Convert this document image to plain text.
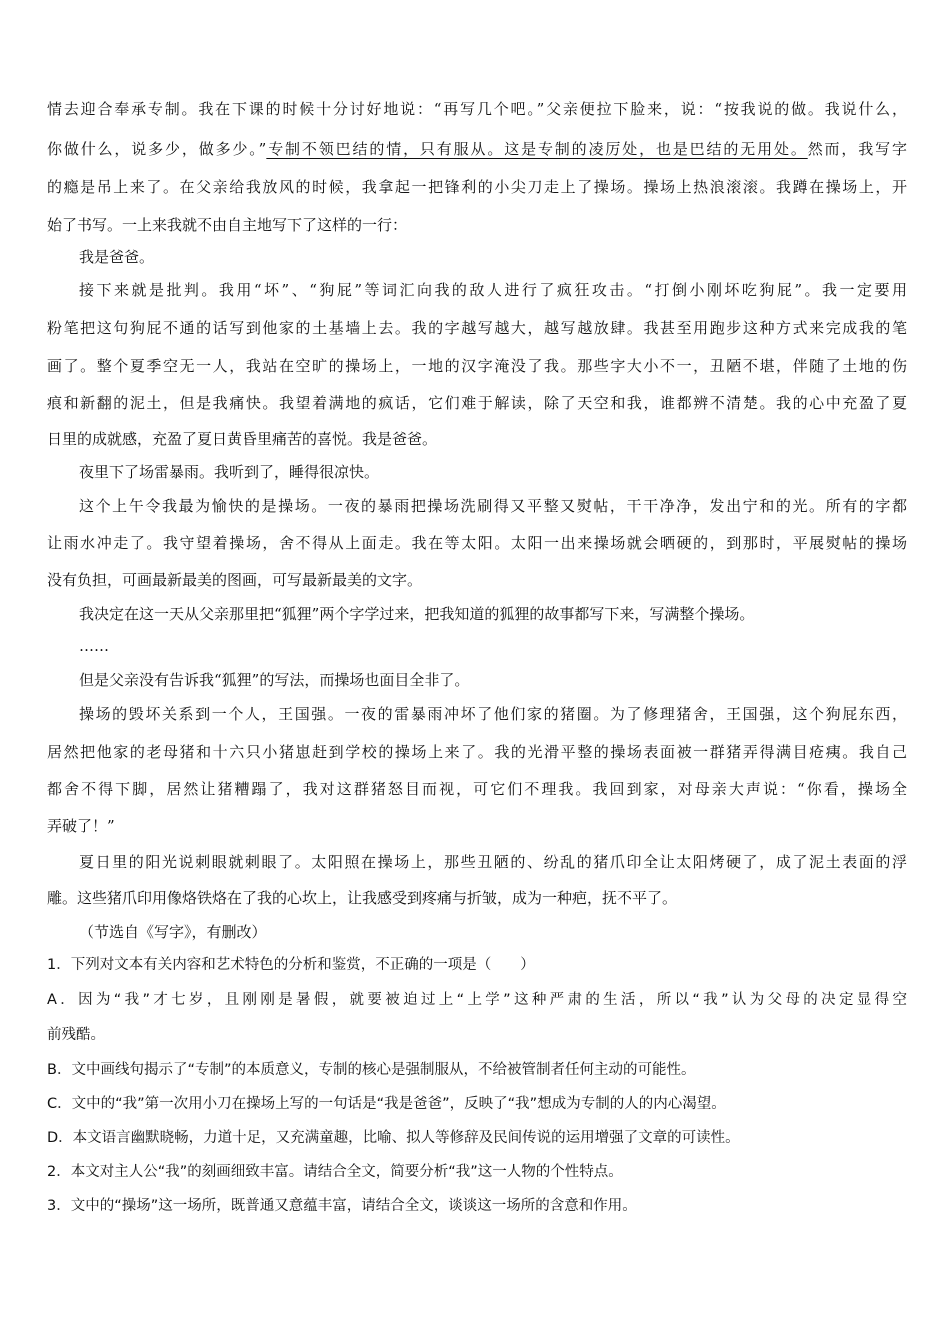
情去迎合奉承专制。我在下课的时候十分讨好地说：“再写几个吧。”父亲便拉下脸来，说：“按我说的做。我说什么，
你做什么，说多少，做多少。”专制不领巴结的情，只有服从。这是专制的凌厉处，也是巴结的无用处。然而，我写字
的瘾是吊上来了。在父亲给我放风的时候，我拿起一把锋利的小尖刀走上了操场。操场上热浪滚滚。我蹲在操场上，开
始了书写。一上来我就不由自主地写下了这样的一行：
我是爸爸。
接下来就是批判。我用“坏”、“狗屁”等词汇向我的敌人进行了疯狂攻击。“打倒小刚坏吃狗屁”。我一定要用
粉笔把这句狗屁不通的话写到他家的土基墙上去。我的字越写越大，越写越放肆。我甚至用跑步这种方式来完成我的笔
画了。整个夏季空无一人，我站在空旷的操场上，一地的汉字淹没了我。那些字大小不一，丑陋不堪，伴随了土地的伤
痕和新翻的泥土，但是我痛快。我望着满地的疯话，它们难于解读，除了天空和我，谁都辨不清楚。我的心中充盈了夏
日里的成就感，充盈了夏日黄昏里痛苦的喜悦。我是爸爸。
夜里下了场雷暴雨。我听到了，睡得很凉快。
这个上午令我最为愉快的是操场。一夜的暴雨把操场洗刷得又平整又熨帖，干干净净，发出宁和的光。所有的字都
让雨水冲走了。我守望着操场，舍不得从上面走。我在等太阳。太阳一出来操场就会晒硬的，到那时，平展熨帖的操场
没有负担，可画最新最美的图画，可写最新最美的文字。
我决定在这一天从父亲那里把“狐狸”两个字学过来，把我知道的狐狸的故事都写下来，写满整个操场。
……
但是父亲没有告诉我“狐狸”的写法，而操场也面目全非了。
操场的毁坏关系到一个人，王国强。一夜的雷暴雨冲坏了他们家的猪圈。为了修理猪舍，王国强，这个狗屁东西，
居然把他家的老母猪和十六只小猪崽赶到学校的操场上来了。我的光滑平整的操场表面被一群猪弄得满目疮痍。我自己
都舍不得下脚，居然让猪糟蹋了，我对这群猪怒目而视，可它们不理我。我回到家，对母亲大声说：“你看，操场全
弄破了！”
夏日里的阳光说刺眼就刺眼了。太阳照在操场上，那些丑陋的、纷乱的猪爪印全让太阳烤硬了，成了泥土表面的浮
雕。这些猪爪印用像烙铁烙在了我的心坎上，让我感受到疼痛与折皱，成为一种疤，抚不平了。
（节选自《写字》，有删改）
1．下列对文本有关内容和艺术特色的分析和鉴赏，不正确的一项是（　　）
A．因为“我”才七岁，且刚刚是暑假，就要被迫过上“上学”这种严肃的生活，所以“我”认为父母的决定显得空
前残酷。
B．文中画线句揭示了“专制”的本质意义，专制的核心是强制服从，不给被管制者任何主动的可能性。
C．文中的“我”第一次用小刀在操场上写的一句话是“我是爸爸”，反映了“我”想成为专制的人的内心渴望。
D．本文语言幽默晓畅，力道十足，又充满童趣，比喻、拟人等修辞及民间传说的运用增强了文章的可读性。
2．本文对主人公“我”的刻画细致丰富。请结合全文，简要分析“我”这一人物的个性特点。
3．文中的“操场”这一场所，既普通又意蕴丰富，请结合全文，谈谈这一场所的含意和作用。
